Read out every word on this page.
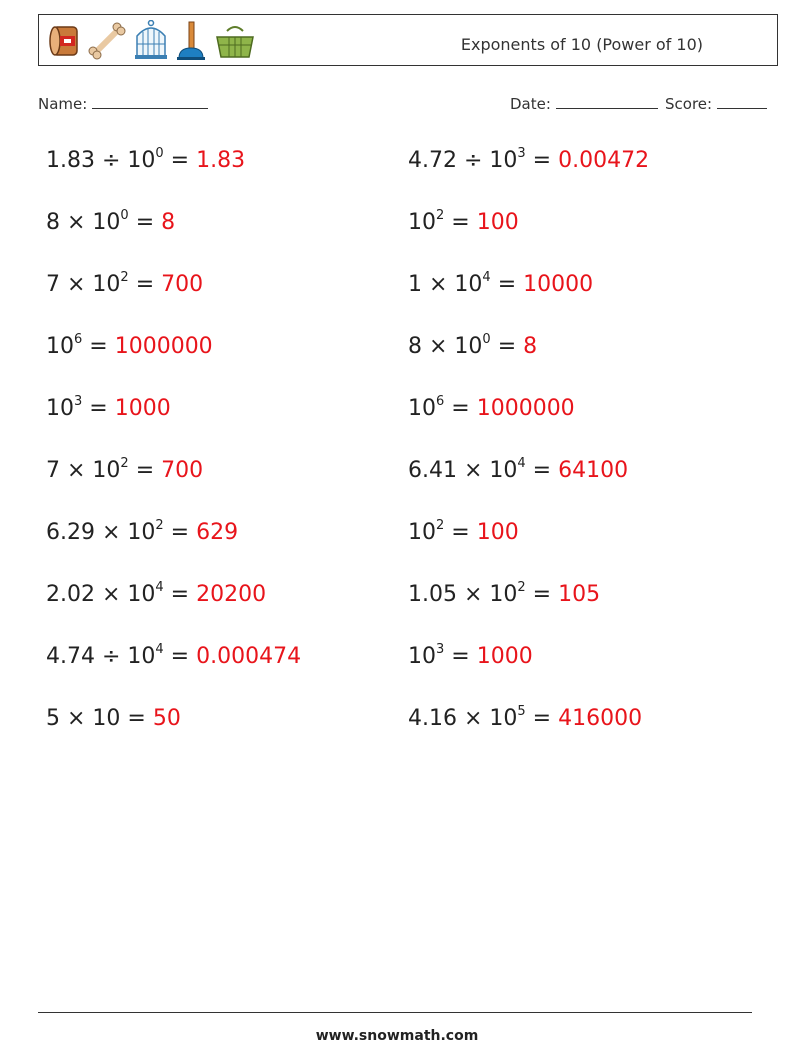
Exponents of 10 (Power of 10)
Name:	Date:	Score:
$1.83 \div 10^0 = 1.83$	$4.72 \div 10^3 = 0.00472$
$8 \times 10^0 = 8$	$10^2 = 100$
$7 \times 10^2 = 700$	$1 \times 10^4 = 10000$
$10^6 = 1000000$	$8 \times 10^0 = 8$
$10^3 = 1000$	$10^6 = 1000000$
$7 \times 10^2 = 700$	$6.41 \times 10^4 = 64100$
$6.29 \times 10^2 = 629$	$10^2 = 100$
$2.02 \times 10^4 = 20200$	$1.05 \times 10^2 = 105$
$4.74 \div 10^4 = 0.000474$	$10^3 = 1000$
5 × 10 = 50	$4.16 \times 10^5 = 416000$
www.snowmath.com
